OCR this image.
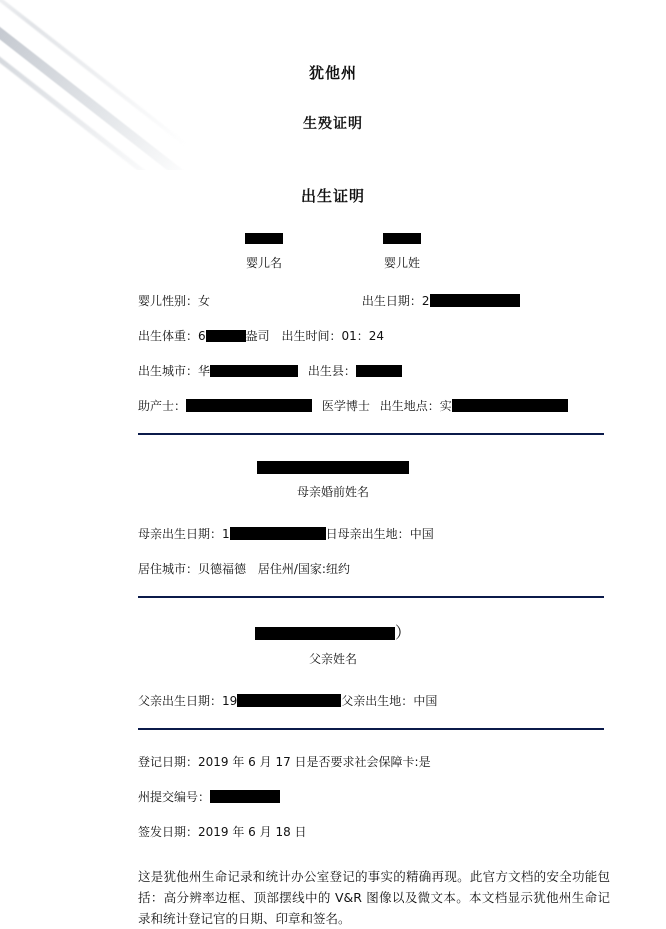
犹他州
生殁证明
出生证明
婴儿名	婴儿姓
婴儿性别：女	出生日期：2
出生体重：6	盎司 出生时间：01：24
出生城市：华	出生县：
助产士：	医学博士 出生地点：实
母亲婚前姓名
母亲出生日期：1	日母亲出生地：中国
居住城市：贝德福德 居住州/国家:纽约
）
父亲姓名
父亲出生日期：19	父亲出生地：中国
登记日期：2019 年 6 月 17 日是否要求社会保障卡:是
州提交编号：
签发日期：2019 年 6 月 18 日
这是犹他州生命记录和统计办公室登记的事实的精确再现。此官方文档的安全功能包括：高分辨率边框、顶部摆线中的 V&R 图像以及微文本。本文档显示犹他州生命记录和统计登记官的日期、印章和签名。
